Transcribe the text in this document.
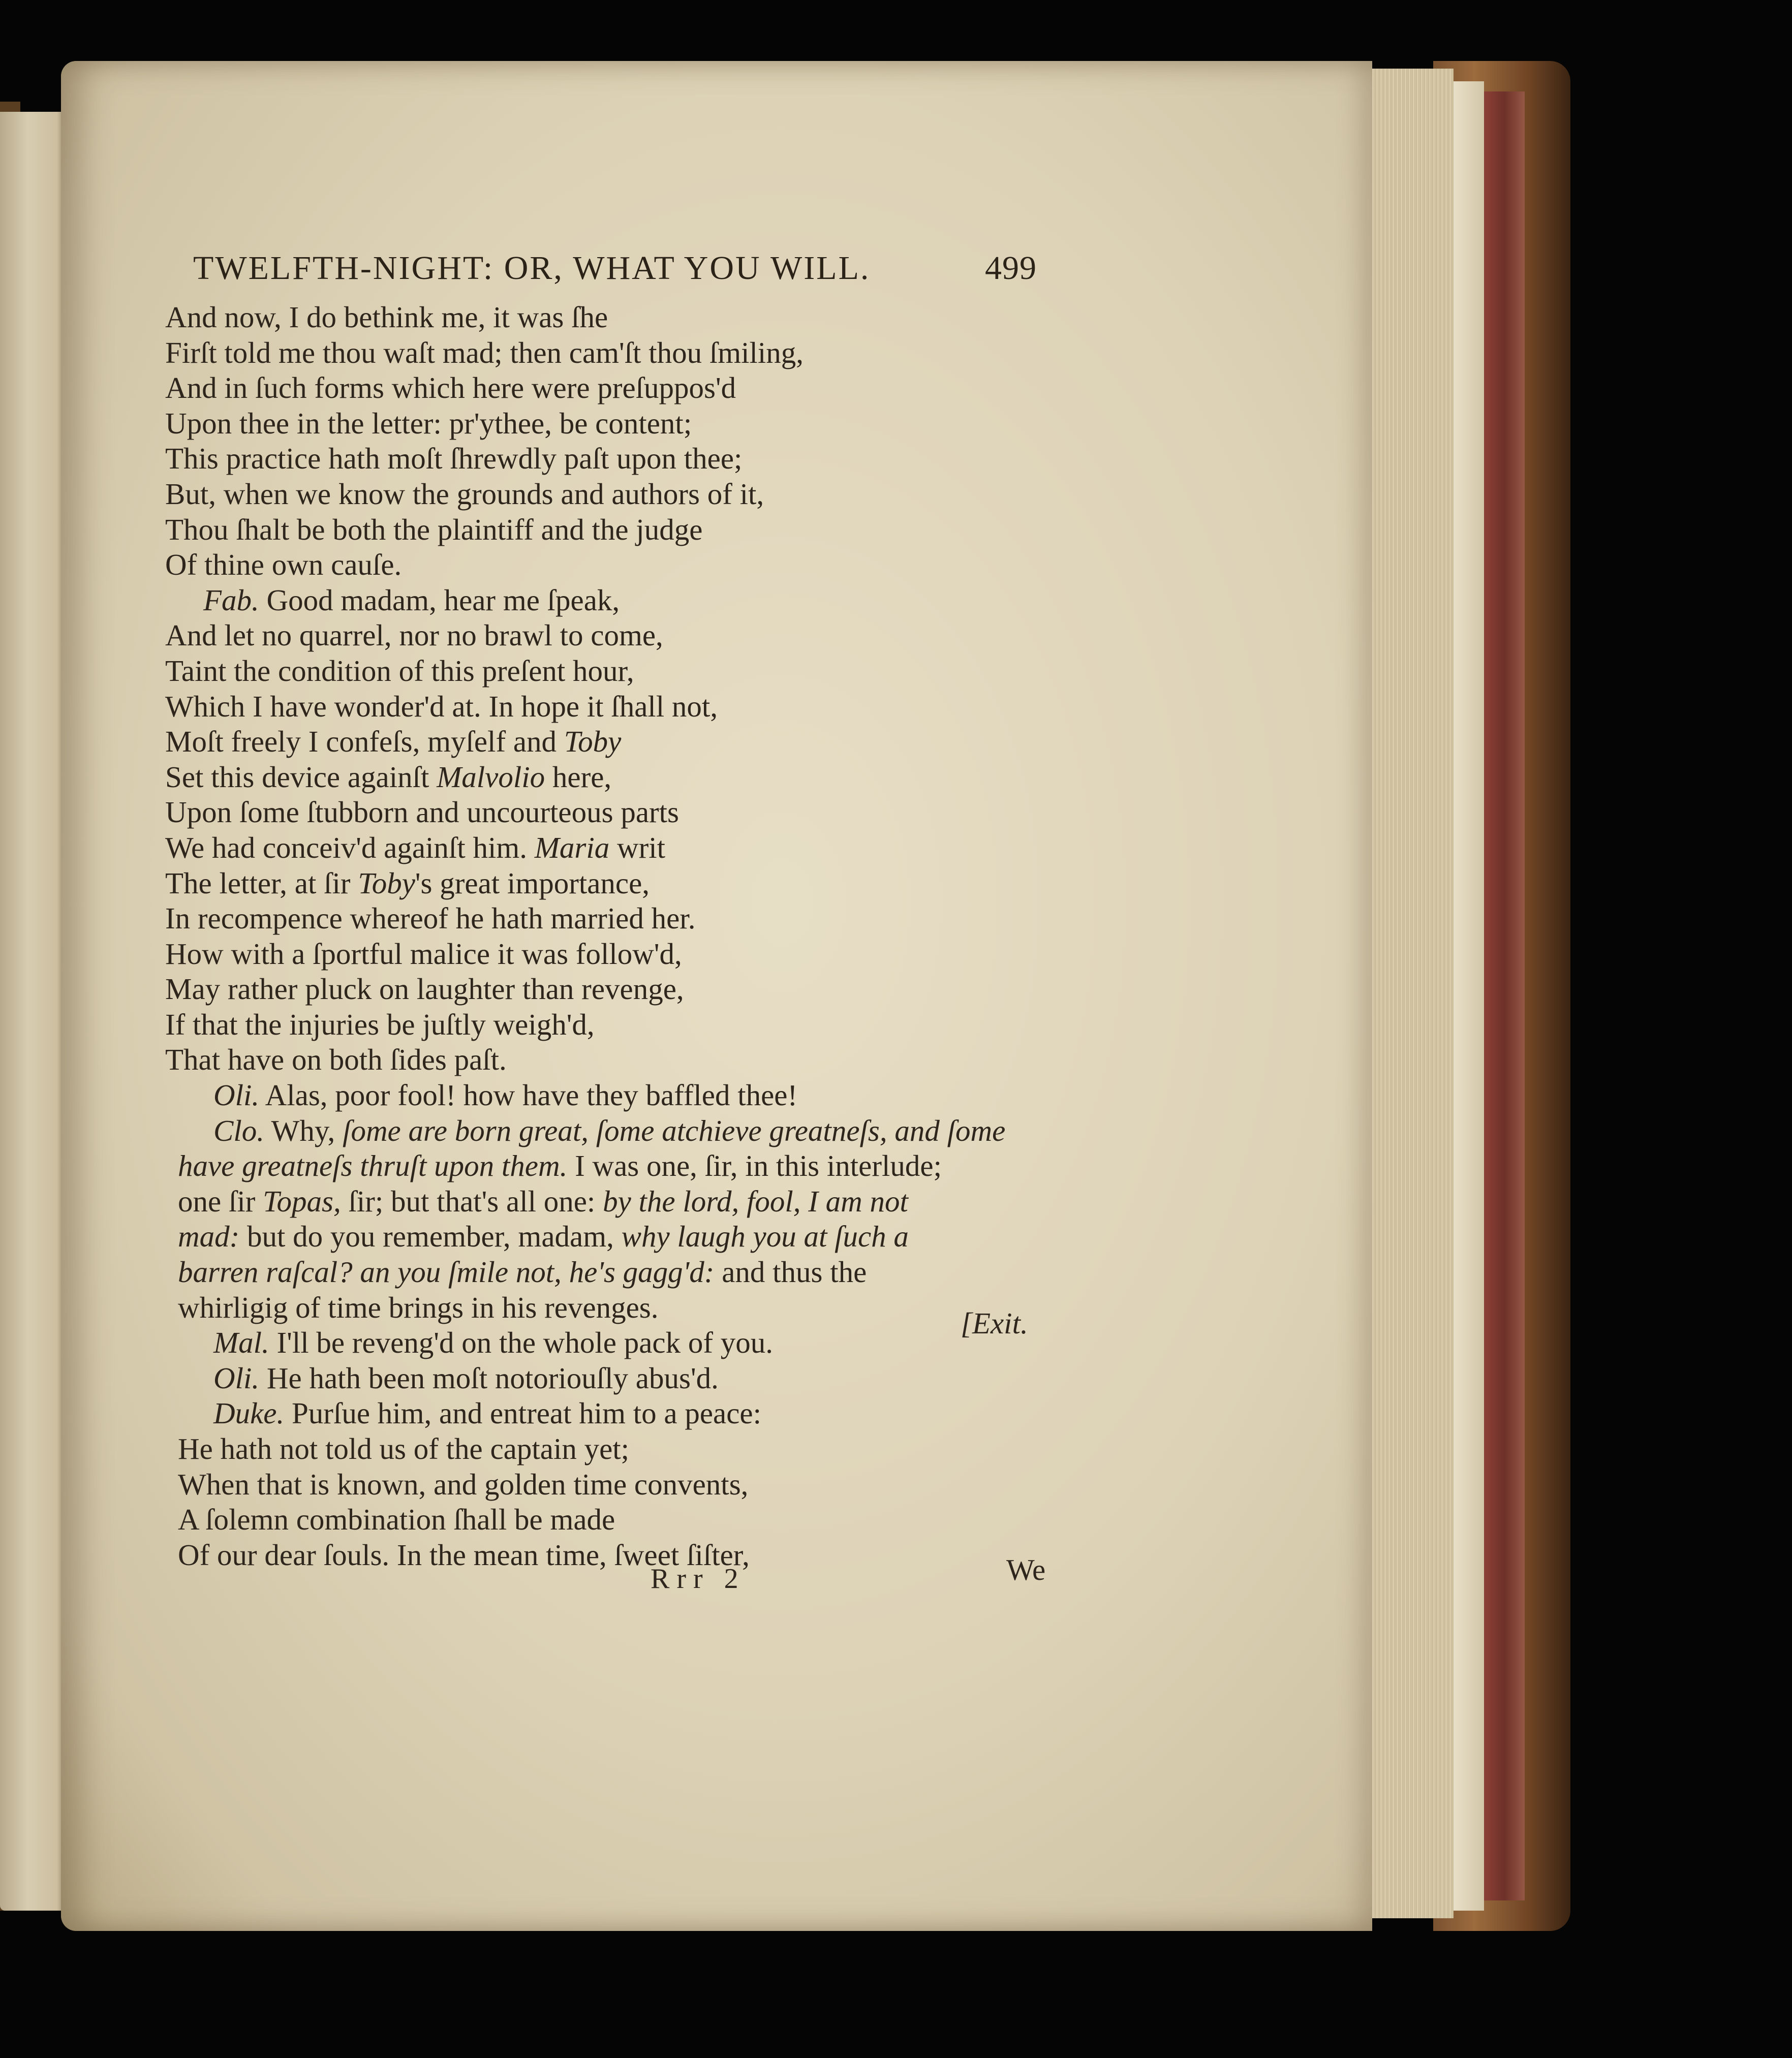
TWELFTH-NIGHT: OR, WHAT YOU WILL.	499
And now, I do bethink me, it was ſhe
Firſt told me thou waſt mad; then cam'ſt thou ſmiling,
And in ſuch forms which here were preſuppos'd
Upon thee in the letter: pr'ythee, be content;
This practice hath moſt ſhrewdly paſt upon thee;
But, when we know the grounds and authors of it,
Thou ſhalt be both the plaintiff and the judge
Of thine own cauſe.
Fab. Good madam, hear me ſpeak,
And let no quarrel, nor no brawl to come,
Taint the condition of this preſent hour,
Which I have wonder'd at. In hope it ſhall not,
Moſt freely I confeſs, myſelf and Toby
Set this device againſt Malvolio here,
Upon ſome ſtubborn and uncourteous parts
We had conceiv'd againſt him. Maria writ
The letter, at ſir Toby's great importance,
In recompence whereof he hath married her.
How with a ſportful malice it was follow'd,
May rather pluck on laughter than revenge,
If that the injuries be juſtly weigh'd,
That have on both ſides paſt.
Oli. Alas, poor fool! how have they baffled thee!
Clo. Why, ſome are born great, ſome atchieve greatneſs, and ſome
have greatneſs thruſt upon them. I was one, ſir, in this interlude;
one ſir Topas, ſir; but that's all one: by the lord, fool, I am not
mad: but do you remember, madam, why laugh you at ſuch a
barren raſcal? an you ſmile not, he's gagg'd: and thus the
whirligig of time brings in his revenges.
Mal. I'll be reveng'd on the whole pack of you.
Oli. He hath been moſt notoriouſly abus'd.
Duke. Purſue him, and entreat him to a peace:
He hath not told us of the captain yet;
When that is known, and golden time convents,
A ſolemn combination ſhall be made
Of our dear ſouls. In the mean time, ſweet ſiſter,
[Exit.
Rrr 2	We
